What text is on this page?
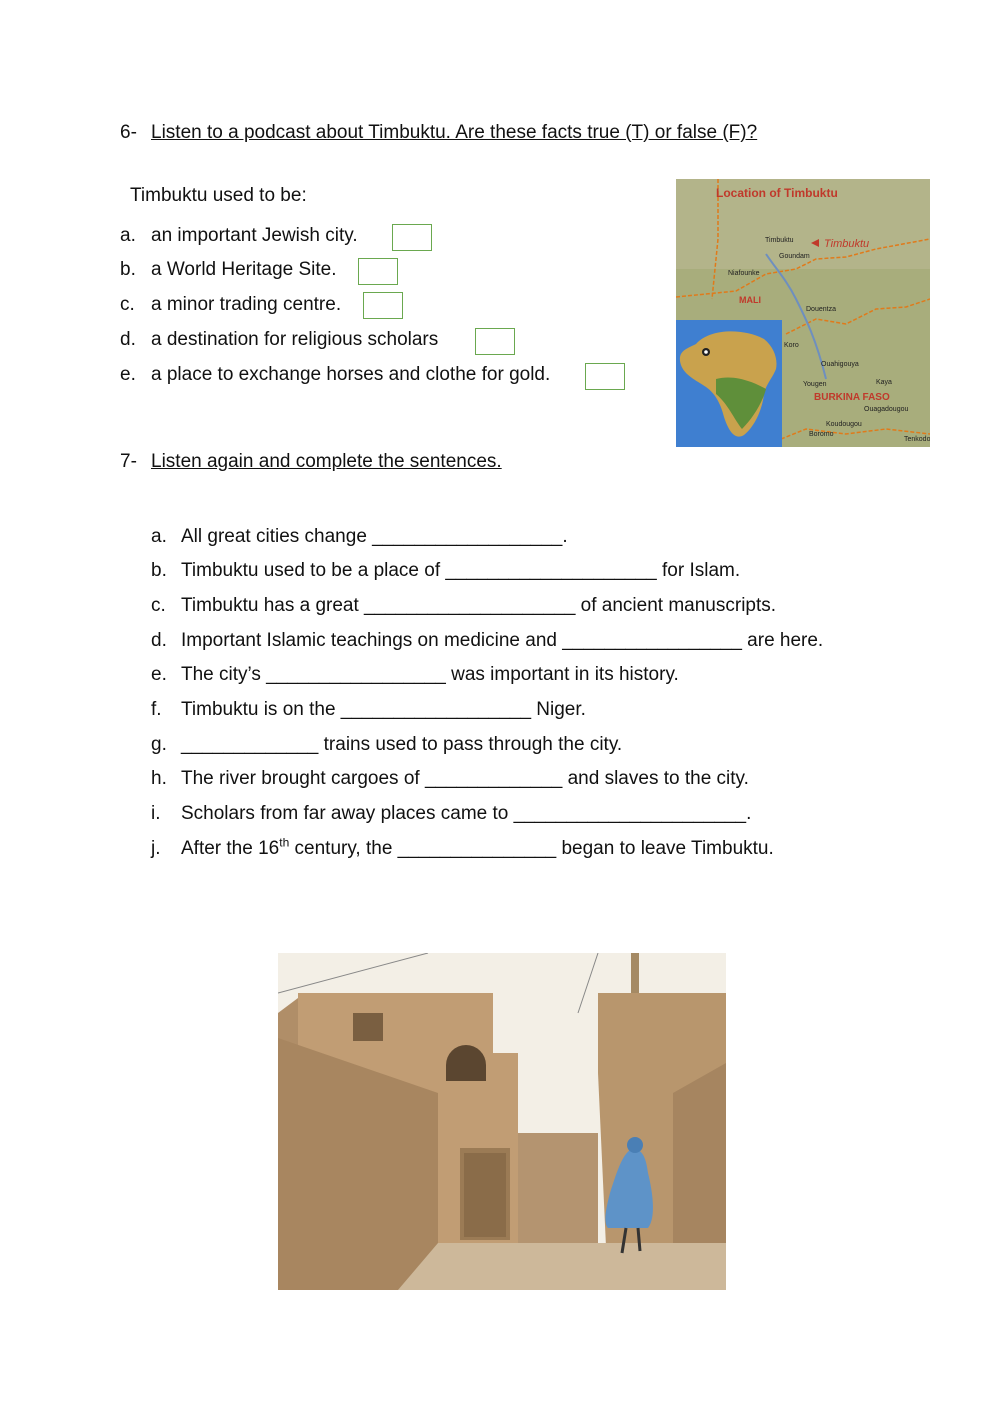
6- Listen to a podcast about Timbuktu. Are these facts true (T) or false (F)?
Timbuktu used to be:
a. an important Jewish city.
b. a World Heritage Site.
c. a minor trading centre.
d. a destination for religious scholars
e. a place to exchange horses and clothe for gold.
Location of Timbuktu
Timbuktu
Goundam
Niafounke
MALI
Douentza
Koro
Ouahigouya
Yougen	Kaya
BURKINA FASO
Ouagadougou
Koudougou
Boromo
Tenkodo
Timbuktu
7- Listen again and complete the sentences.
a. All great cities change __________________.
b. Timbuktu used to be a place of ____________________ for Islam.
c. Timbuktu has a great ____________________ of ancient manuscripts.
d. Important Islamic teachings on medicine and _________________ are here.
e. The city’s _________________ was important in its history.
f. Timbuktu is on the __________________ Niger.
g. _____________ trains used to pass through the city.
h. The river brought cargoes of _____________ and slaves to the city.
i. Scholars from far away places came to ______________________.
j. After the 16th century, the _______________ began to leave Timbuktu.
